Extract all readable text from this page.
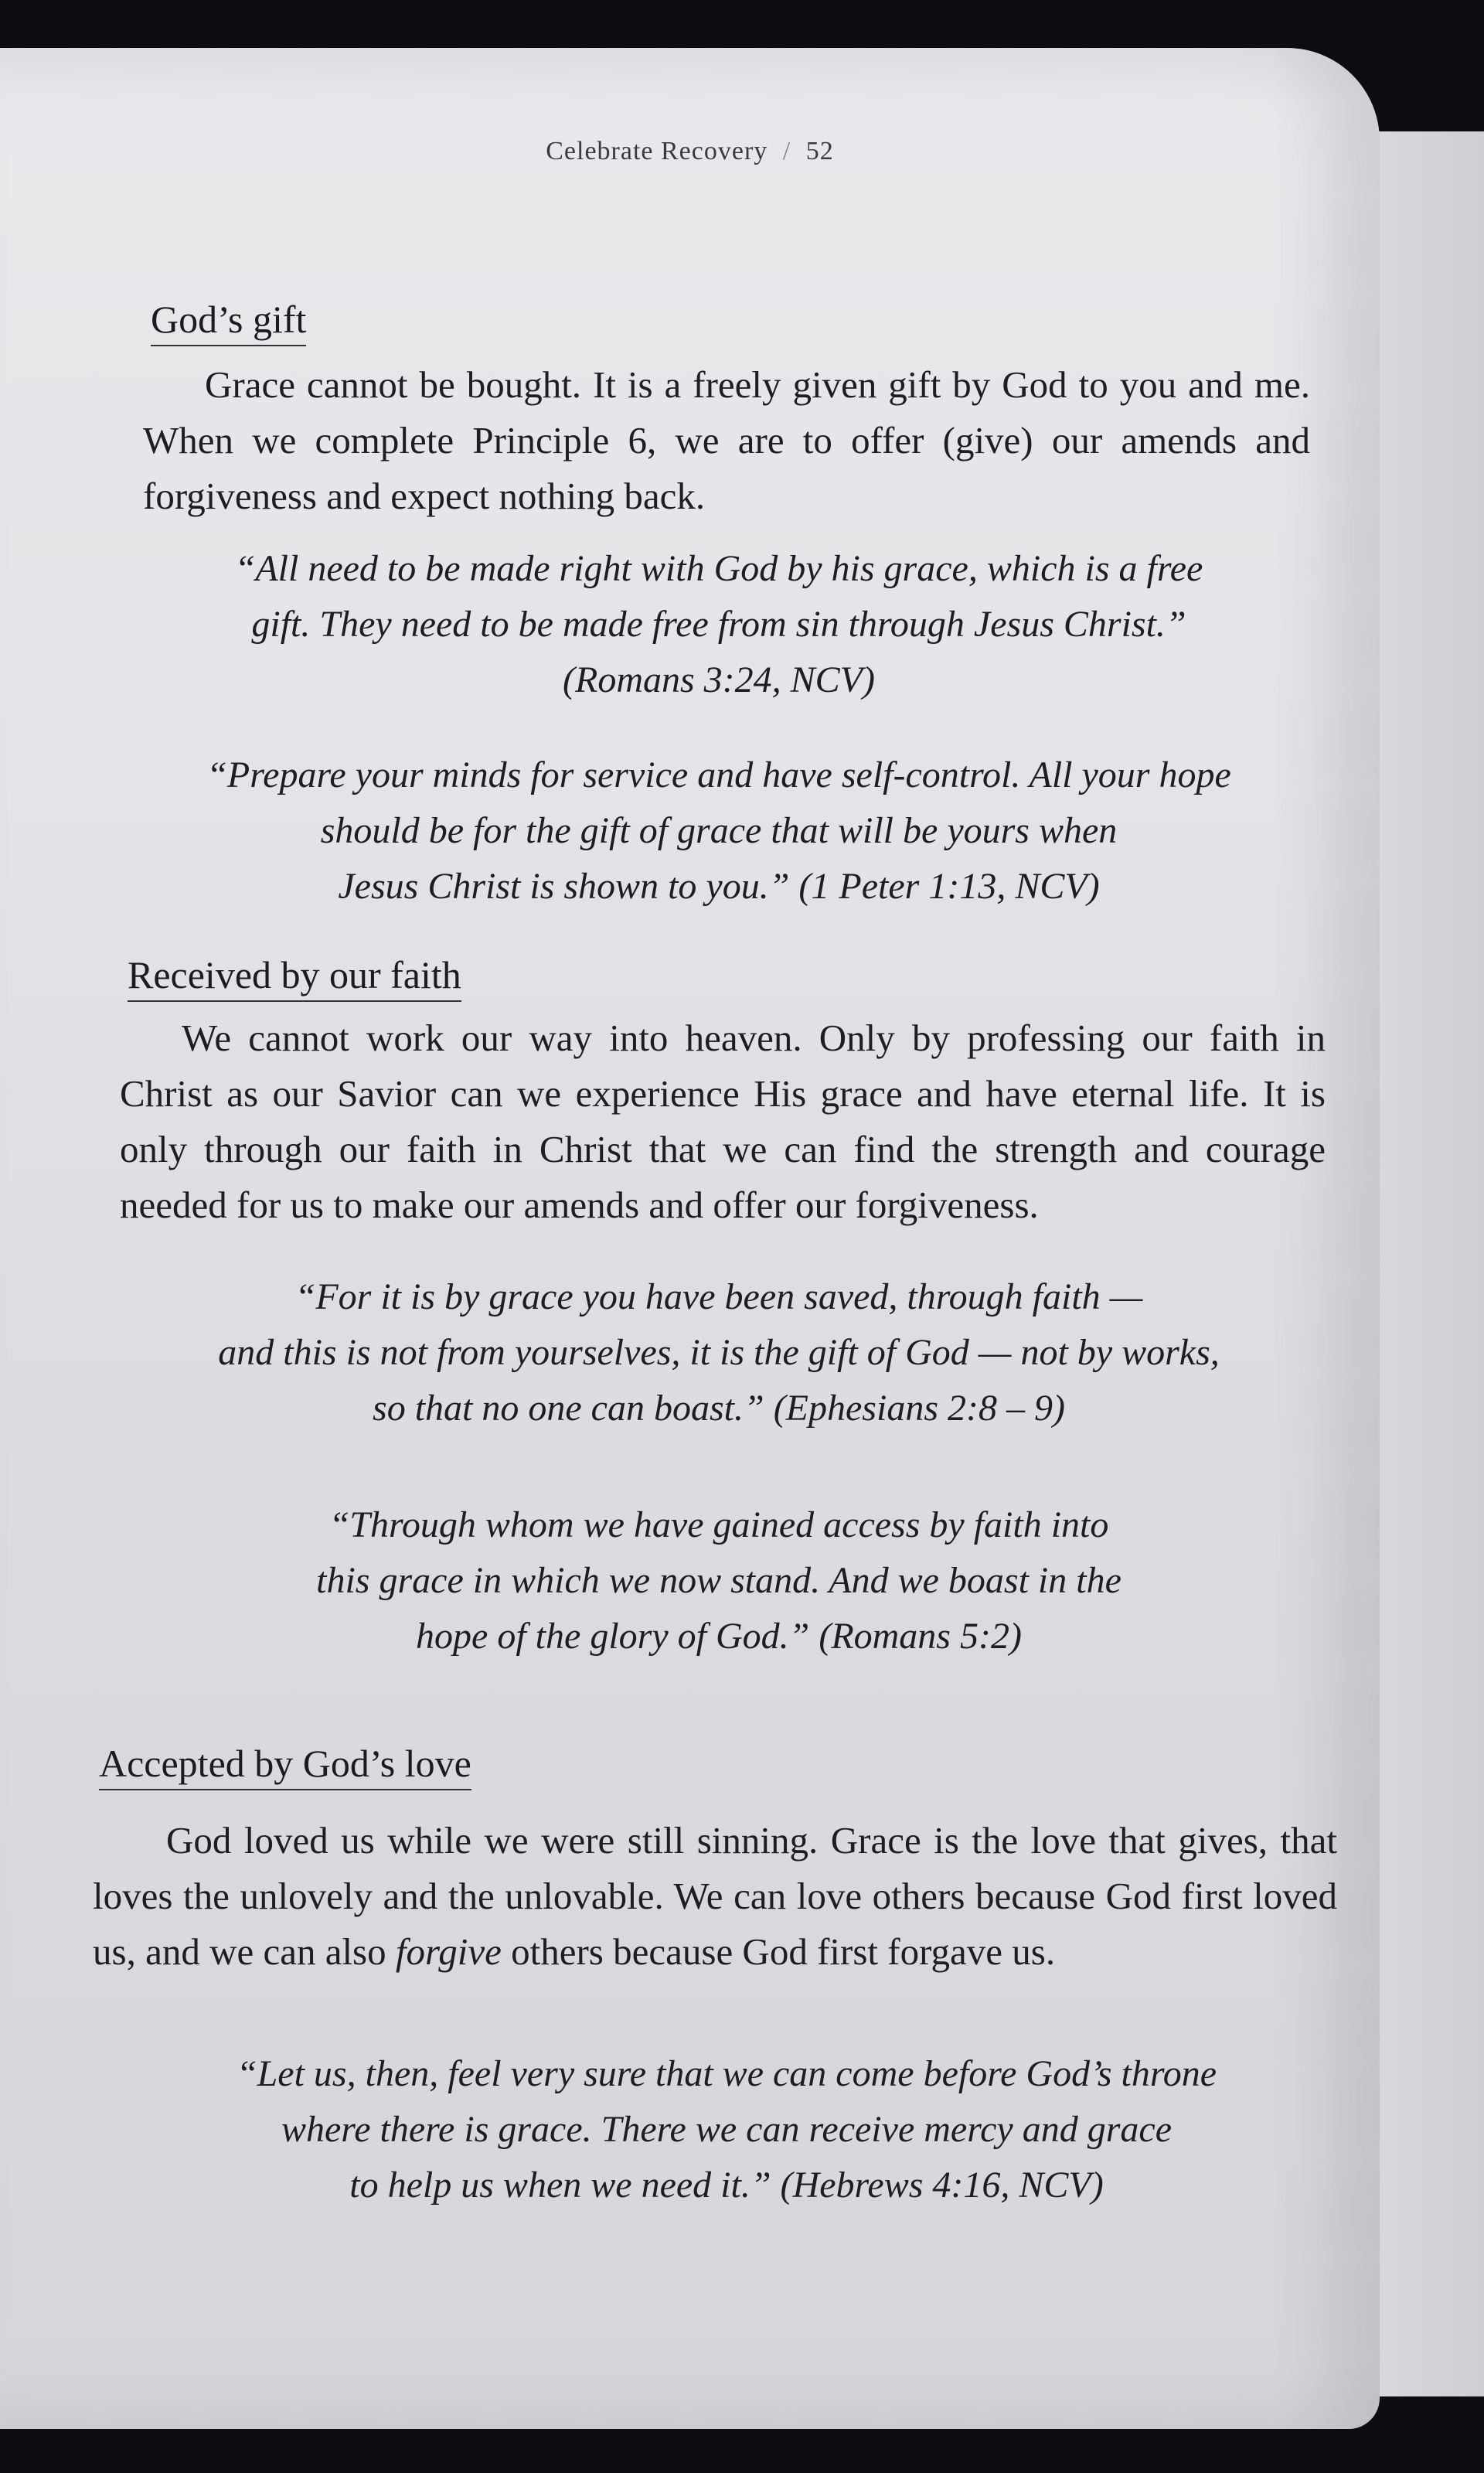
Celebrate Recovery / 52
God’s gift
Grace cannot be bought. It is a freely given gift by God to you and me. When we complete Principle 6, we are to offer (give) our amends and forgiveness and expect nothing back.
“All need to be made right with God by his grace, which is a free
gift. They need to be made free from sin through Jesus Christ.”
(Romans 3:24, NCV)
“Prepare your minds for service and have self-control. All your hope
should be for the gift of grace that will be yours when
Jesus Christ is shown to you.” (1 Peter 1:13, NCV)
Received by our faith
We cannot work our way into heaven. Only by professing our faith in Christ as our Savior can we experience His grace and have eternal life. It is only through our faith in Christ that we can find the strength and courage needed for us to make our amends and offer our forgiveness.
“For it is by grace you have been saved, through faith —
and this is not from yourselves, it is the gift of God — not by works,
so that no one can boast.” (Ephesians 2:8 – 9)
“Through whom we have gained access by faith into
this grace in which we now stand. And we boast in the
hope of the glory of God.” (Romans 5:2)
Accepted by God’s love
God loved us while we were still sinning. Grace is the love that gives, that loves the unlovely and the unlovable. We can love others because God first loved us, and we can also forgive others because God first forgave us.
“Let us, then, feel very sure that we can come before God’s throne
where there is grace. There we can receive mercy and grace
to help us when we need it.” (Hebrews 4:16, NCV)
